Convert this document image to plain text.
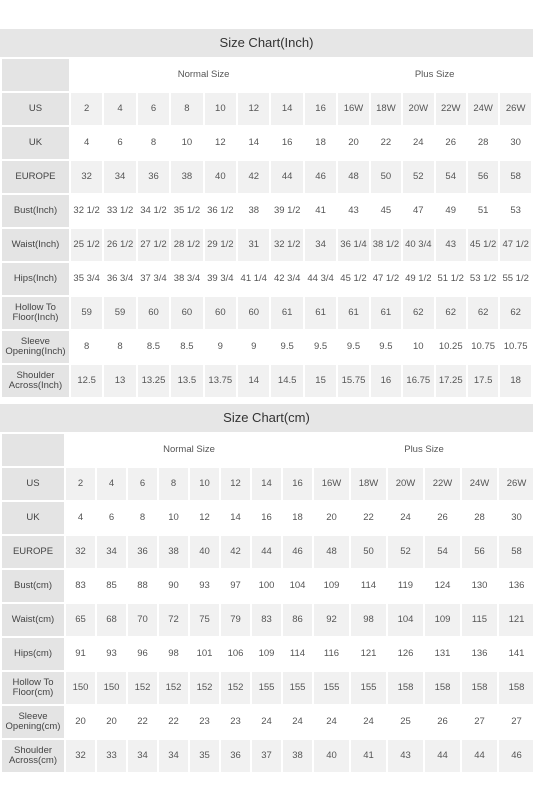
Size Chart(Inch)
	Normal Size								Plus Size					
US	2	4	6	8	10	12	14	16	16W	18W	20W	22W	24W	26W
UK	4	6	8	10	12	14	16	18	20	22	24	26	28	30
EUROPE	32	34	36	38	40	42	44	46	48	50	52	54	56	58
Bust(Inch)	32 1/2	33 1/2	34 1/2	35 1/2	36 1/2	38	39 1/2	41	43	45	47	49	51	53
Waist(Inch)	25 1/2	26 1/2	27 1/2	28 1/2	29 1/2	31	32 1/2	34	36 1/4	38 1/2	40 3/4	43	45 1/2	47 1/2
Hips(Inch)	35 3/4	36 3/4	37 3/4	38 3/4	39 3/4	41 1/4	42 3/4	44 3/4	45 1/2	47 1/2	49 1/2	51 1/2	53 1/2	55 1/2
Hollow To Floor(Inch)	59	59	60	60	60	60	61	61	61	61	62	62	62	62
Sleeve Opening(Inch)	8	8	8.5	8.5	9	9	9.5	9.5	9.5	9.5	10	10.25	10.75	10.75
Shoulder Across(Inch)	12.5	13	13.25	13.5	13.75	14	14.5	15	15.75	16	16.75	17.25	17.5	18
Size Chart(cm)
	Normal Size								Plus Size					
US	2	4	6	8	10	12	14	16	16W	18W	20W	22W	24W	26W
UK	4	6	8	10	12	14	16	18	20	22	24	26	28	30
EUROPE	32	34	36	38	40	42	44	46	48	50	52	54	56	58
Bust(cm)	83	85	88	90	93	97	100	104	109	114	119	124	130	136
Waist(cm)	65	68	70	72	75	79	83	86	92	98	104	109	115	121
Hips(cm)	91	93	96	98	101	106	109	114	116	121	126	131	136	141
Hollow To Floor(cm)	150	150	152	152	152	152	155	155	155	155	158	158	158	158
Sleeve Opening(cm)	20	20	22	22	23	23	24	24	24	24	25	26	27	27
Shoulder Across(cm)	32	33	34	34	35	36	37	38	40	41	43	44	44	46
